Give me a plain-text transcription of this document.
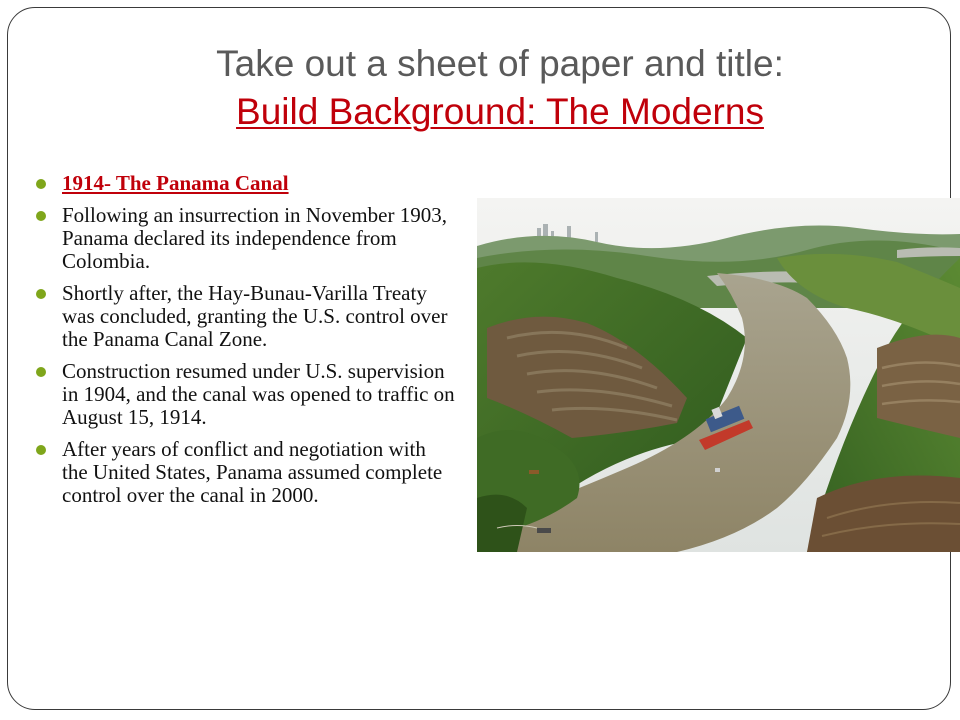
Take out a sheet of paper and title:
Build Background: The Moderns
1914- The Panama Canal
Following an insurrection in November 1903, Panama declared its independence from Colombia.
Shortly after, the Hay-Bunau-Varilla Treaty was concluded, granting the U.S. control over the Panama Canal Zone.
Construction resumed under U.S. supervision in 1904, and the canal was opened to traffic on August 15, 1914.
After years of conflict and negotiation with the United States, Panama assumed complete control over the canal in 2000.
